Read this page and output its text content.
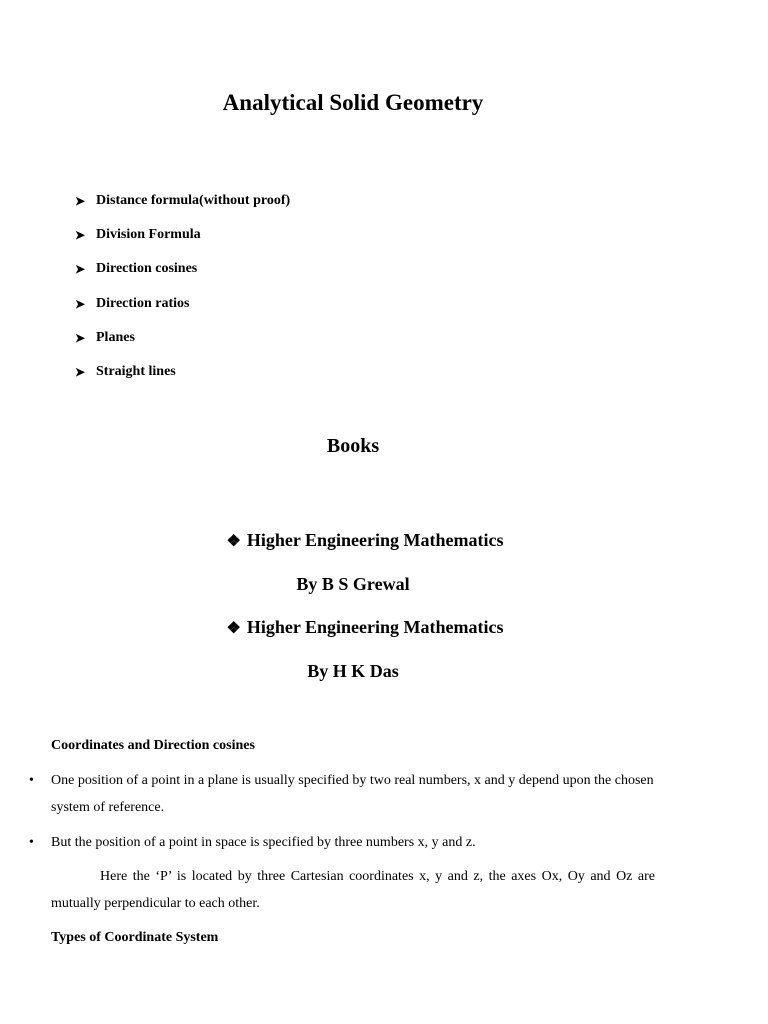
Analytical Solid Geometry
➤ Distance formula(without proof)
➤ Division Formula
➤ Direction cosines
➤ Direction ratios
➤ Planes
➤ Straight lines
Books
❖ Higher Engineering Mathematics
By B S Grewal
❖ Higher Engineering Mathematics
By H K Das
Coordinates and Direction cosines
• One position of a point in a plane is usually specified by two real numbers, x and y depend upon the chosen system of reference.
• But the position of a point in space is specified by three numbers x, y and z.
Here the ‘P’ is located by three Cartesian coordinates x, y and z, the axes Ox, Oy and Oz are mutually perpendicular to each other.
Types of Coordinate System
